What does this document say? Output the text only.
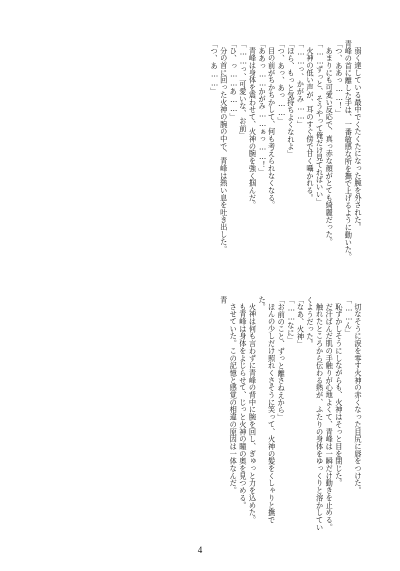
弱く達している最中でくたくたになった腕を外された。

青峰の首に離した手は、一番敏感な所を撫で上げるように動いた。

「つ、ああっ……！」

あまりにも可愛い反応で、真っ赤な顔がとても綺麗だった。

「……ずっと、そうやって俺だけ見てればいい」

火神の低い声が、耳のすぐ傍で甘く囁かれる。

「……っ、かがみ……」

「ほら、もっと気持ちよくなれよ」

「つ、あっ、あっ……」

目の前がちかちかして、何も考えられなくなる。

「ああっ……かがみ……ぁっ……！」

青峰は身体を震わせて、火神の腕を強く掴んだ。

「……っ、可愛いな、お前」

「ひ、っ……あ……」

分の首に回った火神の腕の中で、青峰は熱い息を吐き出した。

「つ、あ……」

切なそうに涙を零す火神の赤くなった目尻に唇をつけた。

「……ん」

恥ずかしそうにしながらも、火神はそっと目を閉じた。

だ汗ばんだ肌の手触りが心地よくて、青峰は一瞬だけ動きを止める。

触れたところから伝わる熱が、ふたりの身体をゆっくりと溶かしていくようだった。

「なあ、火神」

「……なに」

「お前のこと、ずっと離さねえから」

ほんの少しだけ照れくさそうに笑って、火神の髪をくしゃりと撫でた。

火神は何も言わずに青峰の背中に腕を回し、ぎゅっと力を込めた。

も青峰は身体をよじらせて、じっと火神の瞳の奥を見つめる。

させていた。この記憶と感覚の相違の原因は一体なんだ。

青

4
